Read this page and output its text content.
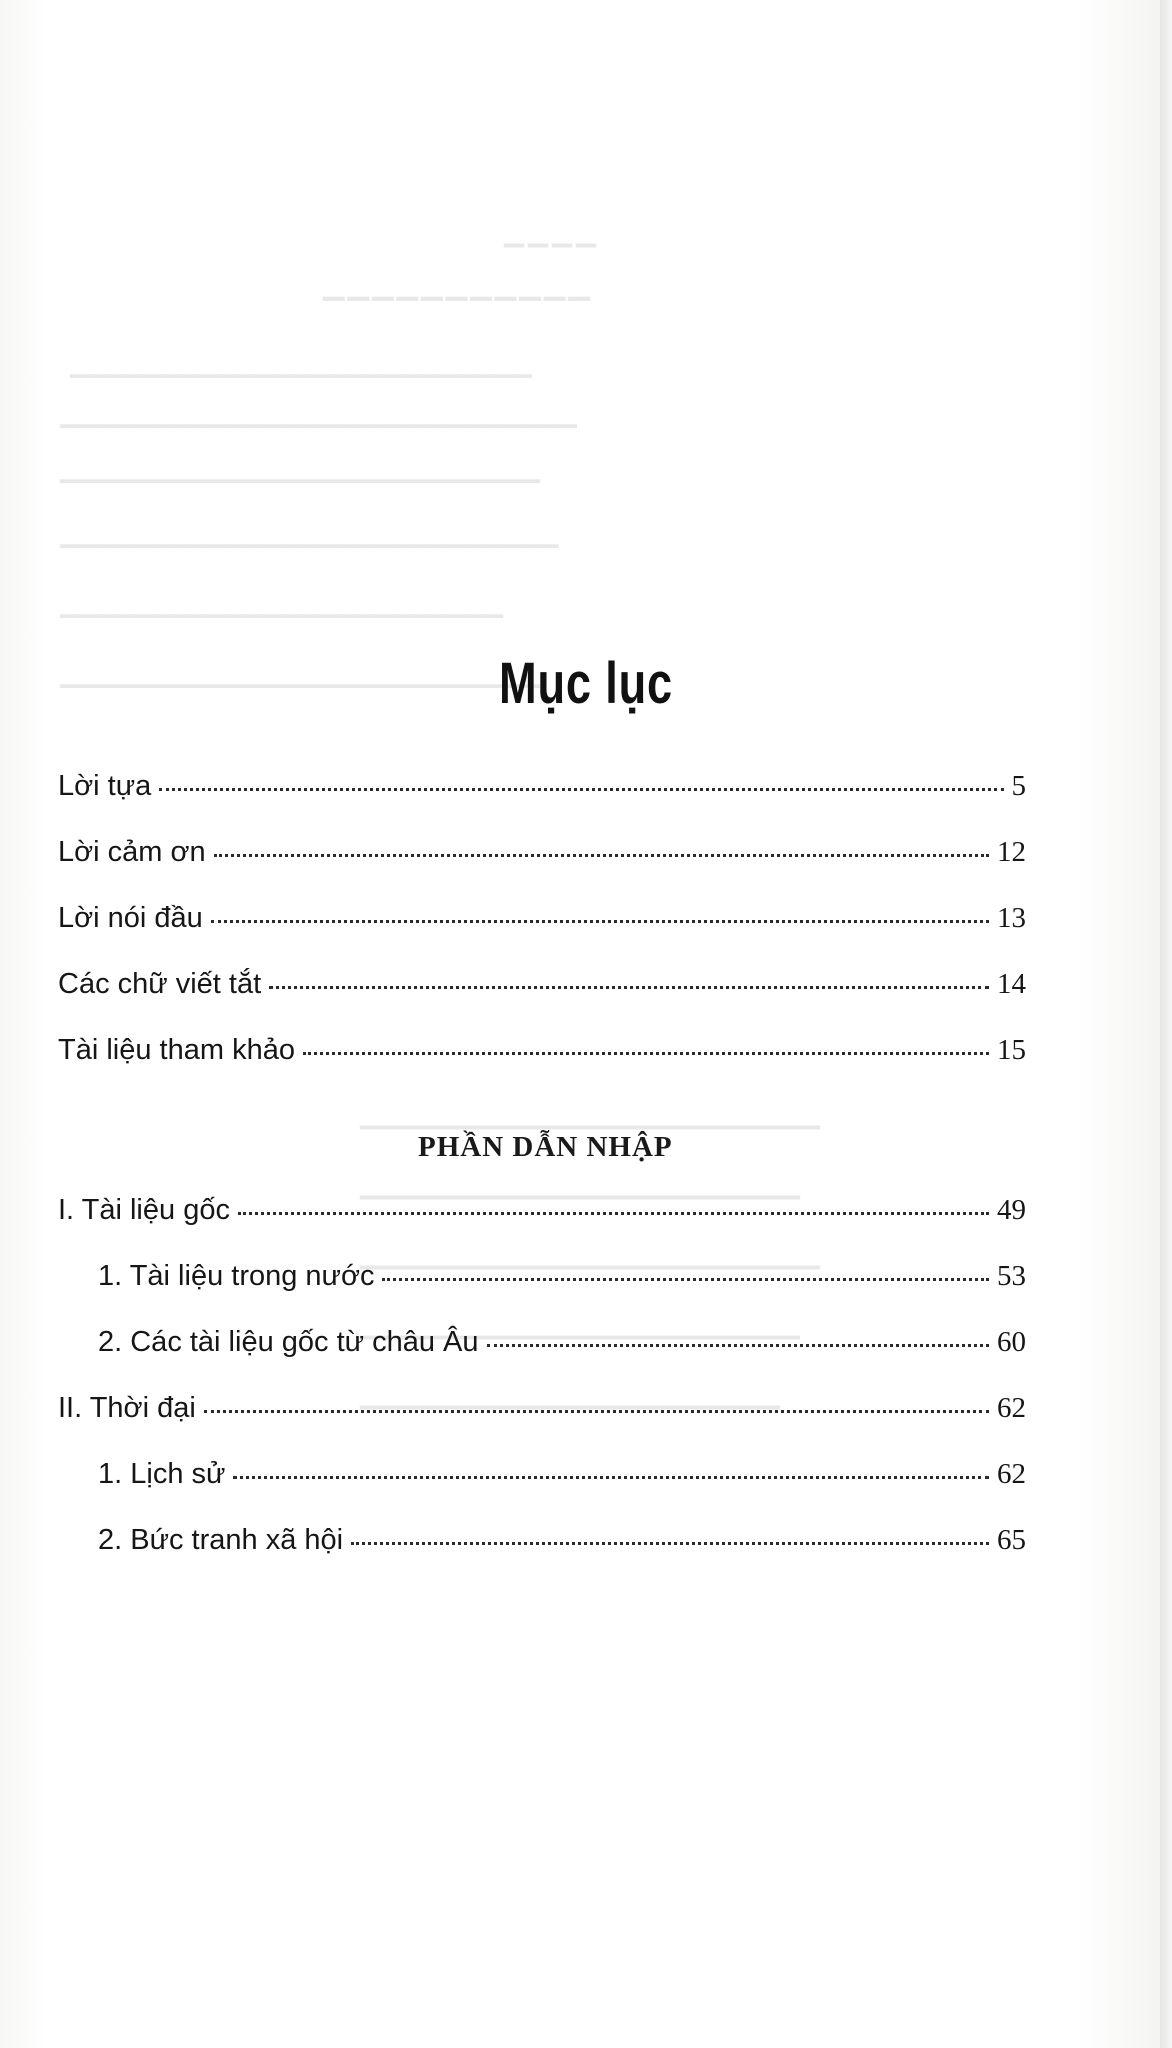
▁▁▁▁
▁▁▁▁▁▁▁▁▁▁▁
▁▁▁▁▁▁▁▁▁▁▁▁▁▁▁▁▁▁▁▁▁▁▁▁▁
▁▁▁▁▁▁▁▁▁▁▁▁▁▁▁▁▁▁▁▁▁▁▁▁▁▁▁▁
▁▁▁▁▁▁▁▁▁▁▁▁▁▁▁▁▁▁▁▁▁▁▁▁▁▁
▁▁▁▁▁▁▁▁▁▁▁▁▁▁▁▁▁▁▁▁▁▁▁▁▁▁▁
▁▁▁▁▁▁▁▁▁▁▁▁▁▁▁▁▁▁▁▁▁▁▁▁
▁▁▁▁▁▁▁▁▁▁▁▁▁▁▁▁▁▁▁▁▁▁▁▁▁▁
▁▁▁▁▁▁▁▁▁▁▁▁▁▁▁▁▁▁▁▁▁▁▁
▁▁▁▁▁▁▁▁▁▁▁▁▁▁▁▁▁▁▁▁▁▁
▁▁▁▁▁▁▁▁▁▁▁▁▁▁▁▁▁▁▁▁▁▁▁
▁▁▁▁▁▁▁▁▁▁▁▁▁▁▁▁▁▁▁▁▁▁
▁▁▁▁▁▁▁▁▁▁▁▁▁▁▁▁▁▁▁▁▁
Mục lục
Lời tựa	5
Lời cảm ơn	12
Lời nói đầu	13
Các chữ viết tắt	14
Tài liệu tham khảo	15
PHẦN DẪN NHẬP
I. Tài liệu gốc	49
1. Tài liệu trong nước	53
2. Các tài liệu gốc từ châu Âu	60
II. Thời đại	62
1. Lịch sử	62
2. Bức tranh xã hội	65
